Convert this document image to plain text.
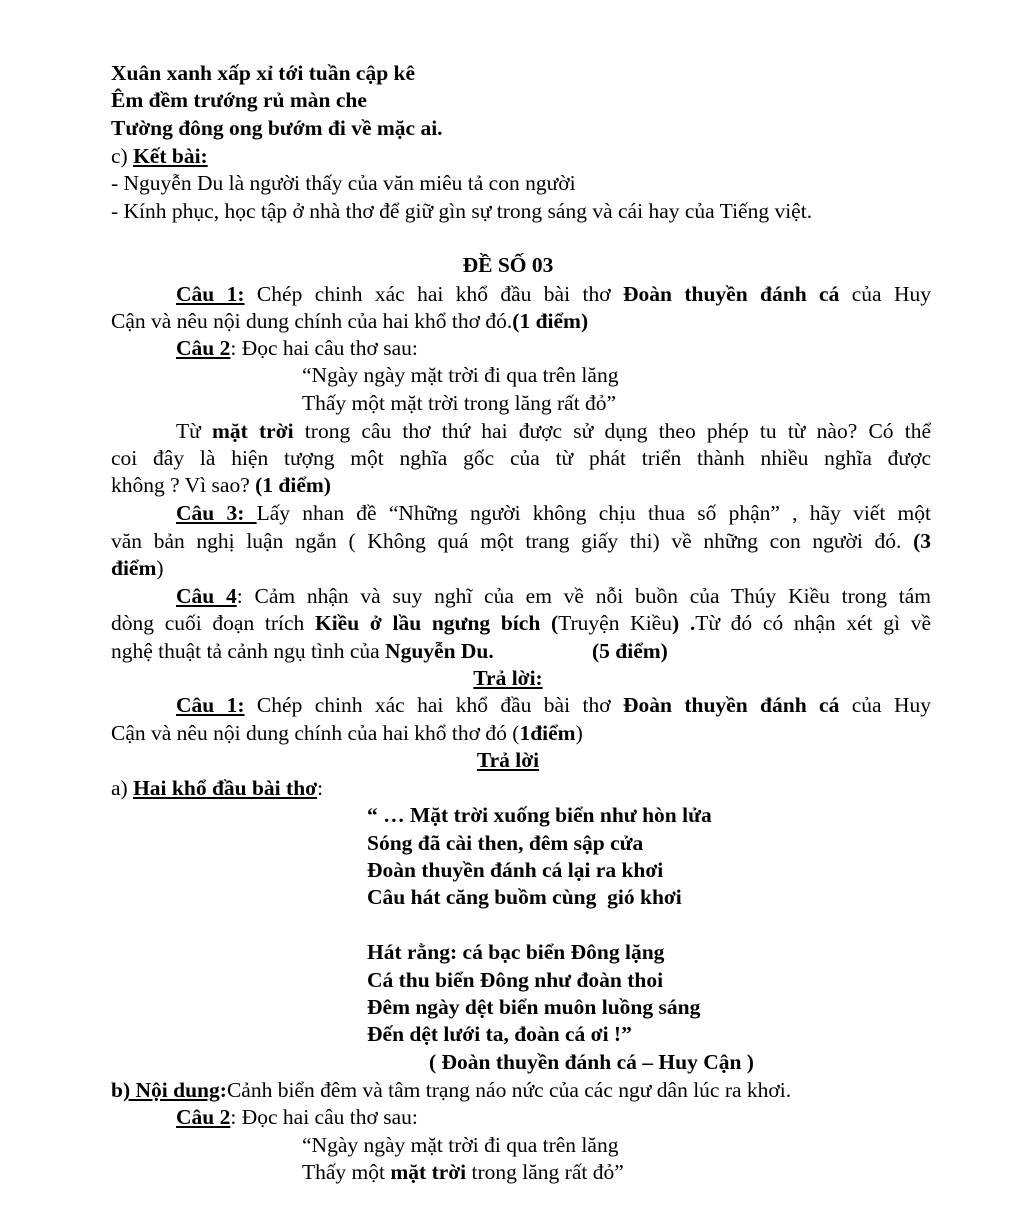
Xuân xanh xấp xỉ tới tuần cập kê
Êm đềm trướng rủ màn che
Tường đông ong bướm đi về mặc ai.
c) Kết bài:
- Nguyễn Du là người thấy của văn miêu tả con người
- Kính phục, học tập ở nhà thơ để giữ gìn sự trong sáng và cái hay của Tiếng việt.
ĐỀ SỐ 03
Câu 1: Chép chinh xác hai khổ đầu bài thơ Đoàn thuyền đánh cá của Huy
Cận và nêu nội dung chính của hai khổ thơ đó.(1 điểm)
Câu 2: Đọc hai câu thơ sau:
“Ngày ngày mặt trời đi qua trên lăng
Thấy một mặt trời trong lăng rất đỏ”
Từ mặt trời trong câu thơ thứ hai được sử dụng theo phép tu từ nào? Có thể
coi đây là hiện tượng một nghĩa gốc của từ phát triển thành nhiều nghĩa được
không ? Vì sao? (1 điểm)
Câu 3: Lấy nhan đề “Những người không chịu thua số phận” , hãy viết một
văn bản nghị luận ngắn ( Không quá một trang giấy thi) về những con người đó. (3
điểm)
Câu 4: Cảm nhận và suy nghĩ của em về nỗi buồn của Thúy Kiều trong tám
dòng cuối đoạn trích Kiều ở lầu ngưng bích (Truyện Kiều) .Từ đó có nhận xét gì về
nghệ thuật tả cảnh ngụ tình của Nguyễn Du.	(5 điểm)
Trả lời:
Câu 1: Chép chinh xác hai khổ đầu bài thơ Đoàn thuyền đánh cá của Huy
Cận và nêu nội dung chính của hai khổ thơ đó (1điểm)
Trả lời
a) Hai khổ đầu bài thơ:
“ … Mặt trời xuống biển như hòn lửa
Sóng đã cài then, đêm sập cửa
Đoàn thuyền đánh cá lại ra khơi
Câu hát căng buồm cùng  gió khơi
Hát rằng: cá bạc biển Đông lặng
Cá thu biển Đông như đoàn thoi
Đêm ngày dệt biển muôn luồng sáng
Đến dệt lưới ta, đoàn cá ơi !”
( Đoàn thuyền đánh cá – Huy Cận )
b) Nội dung:Cảnh biển đêm và tâm trạng náo nức của các ngư dân lúc ra khơi.
Câu 2: Đọc hai câu thơ sau:
“Ngày ngày mặt trời đi qua trên lăng
Thấy một mặt trời trong lăng rất đỏ”
